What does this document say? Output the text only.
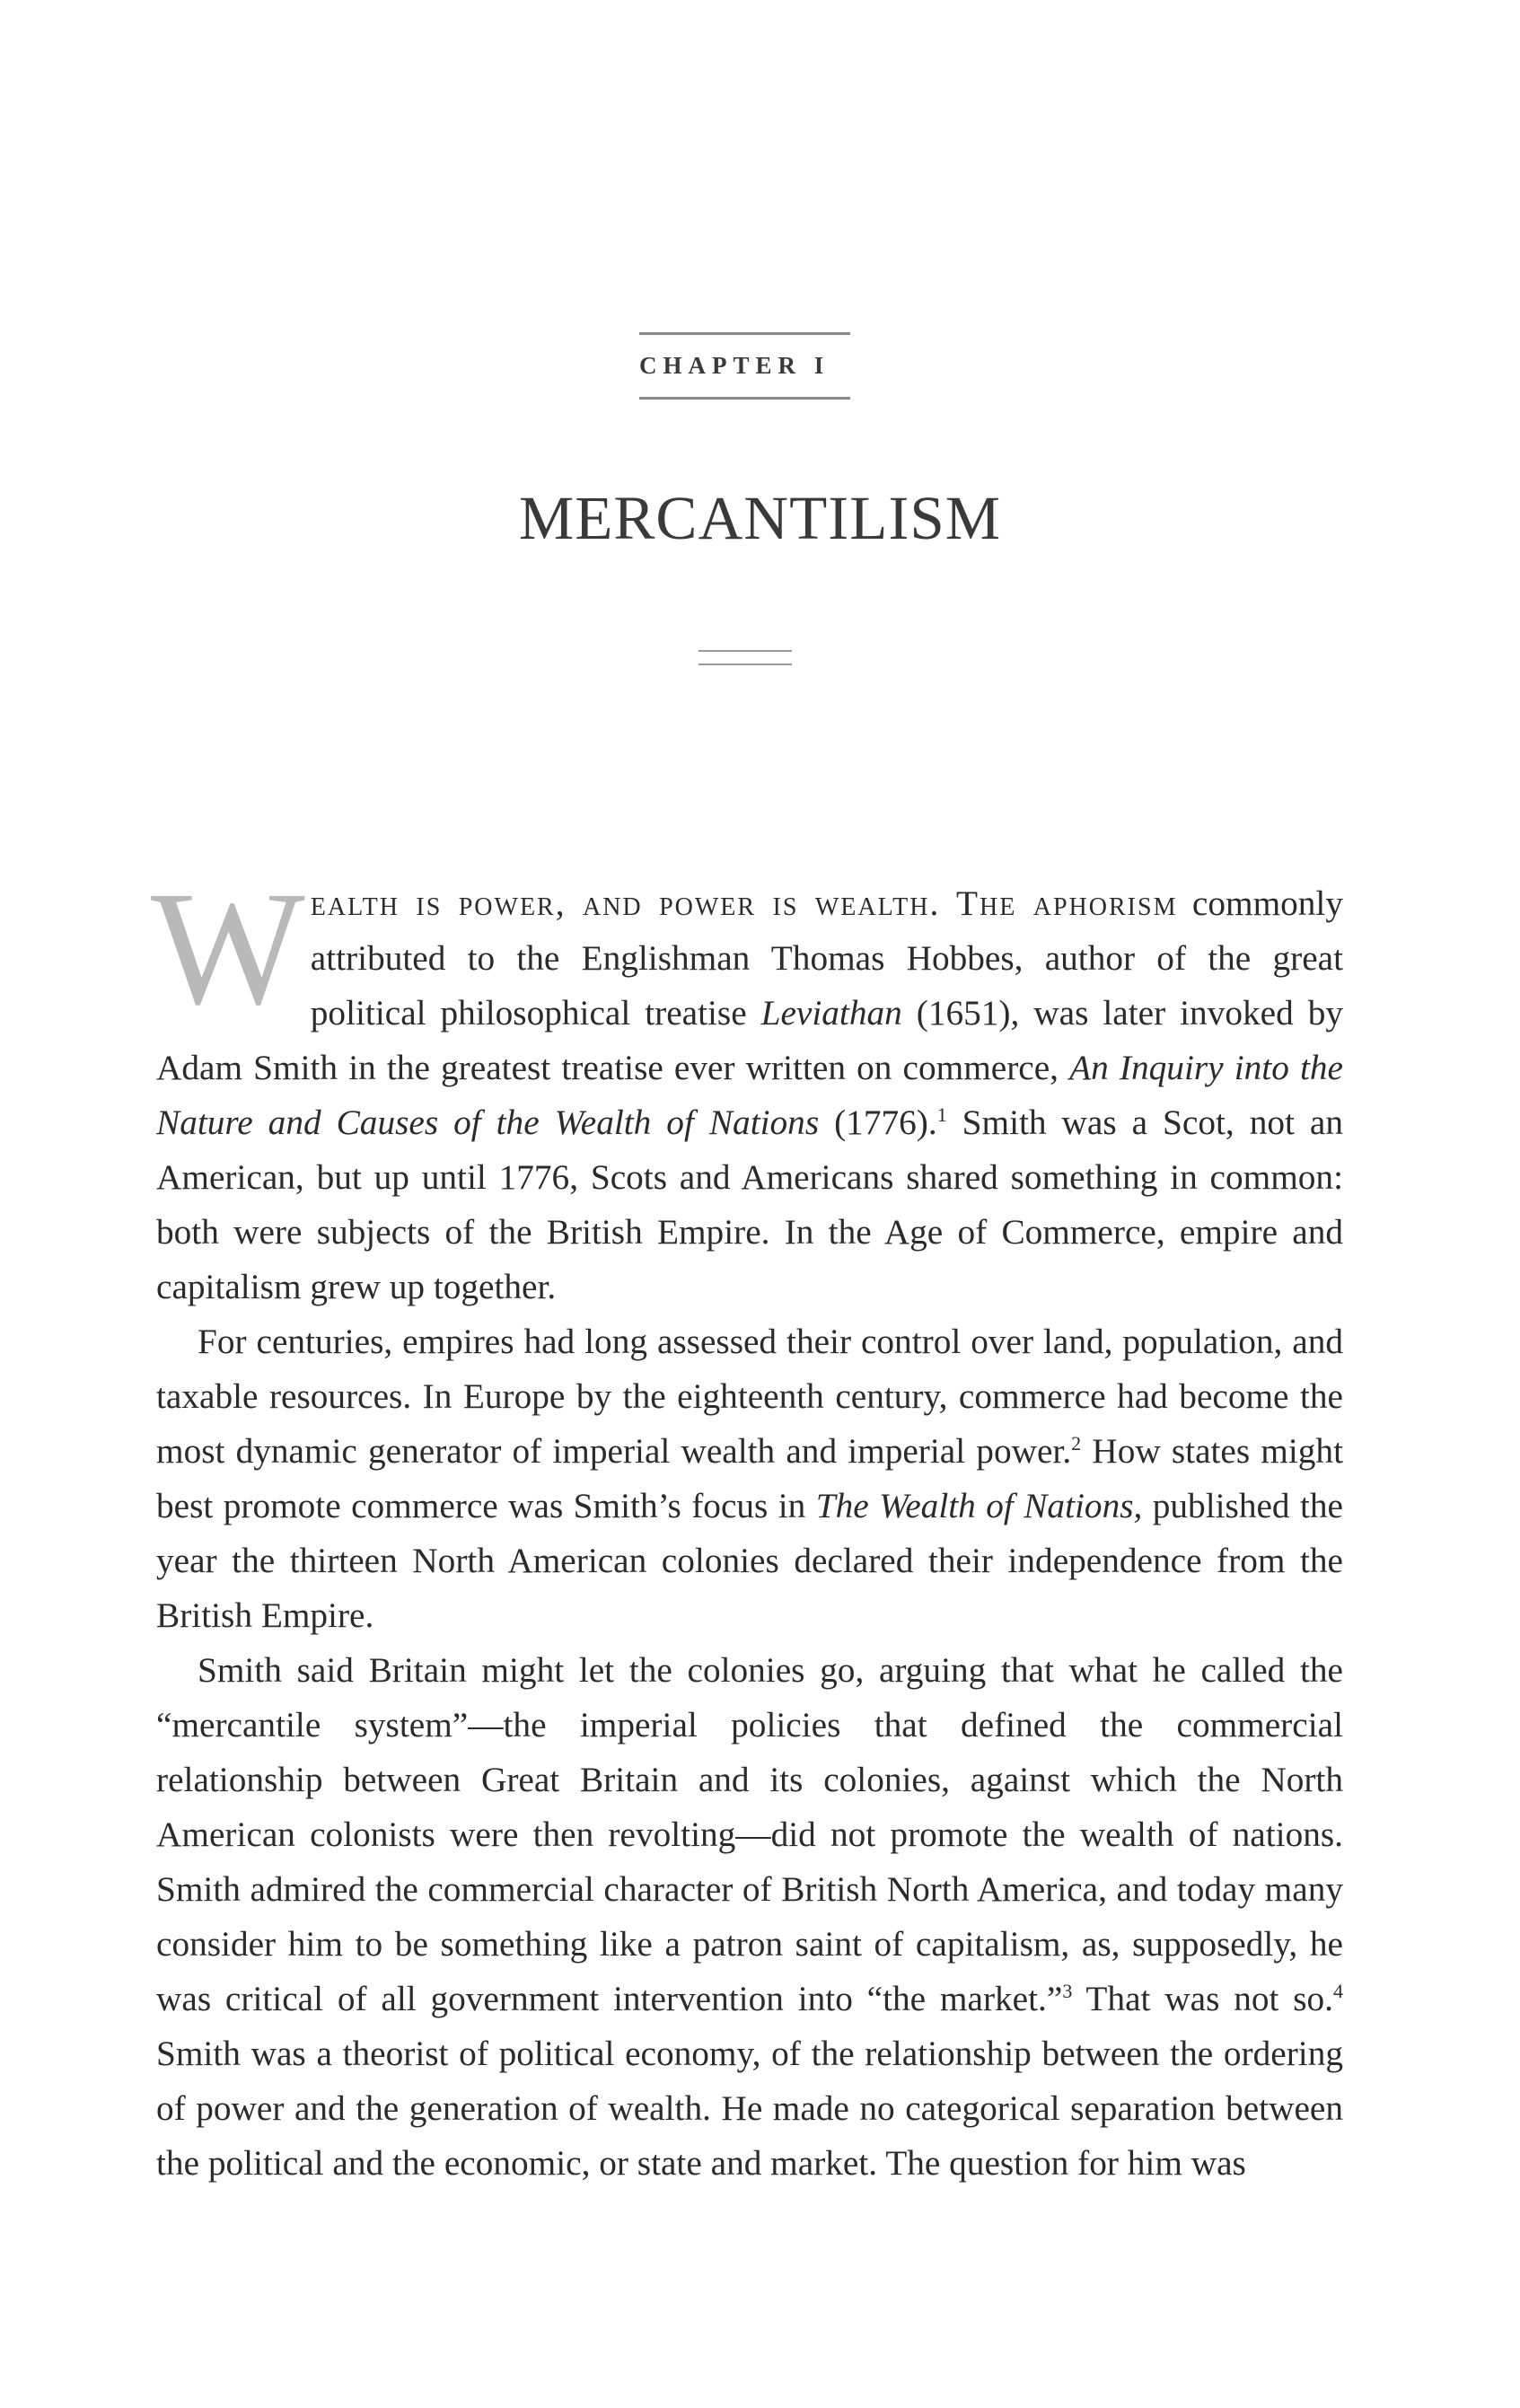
CHAPTER I
MERCANTILISM

Wealth is power, and power is wealth. The aphorism commonly attributed to the Englishman Thomas Hobbes, author of the great political philosophical treatise Leviathan (1651), was later invoked by Adam Smith in the greatest treatise ever written on commerce, An Inquiry into the Nature and Causes of the Wealth of Nations (1776).$^1$ Smith was a Scot, not an American, but up until 1776, Scots and Americans shared something in common: both were subjects of the British Empire. In the Age of Commerce, empire and capitalism grew up together.

For centuries, empires had long assessed their control over land, population, and taxable resources. In Europe by the eighteenth century, commerce had become the most dynamic generator of imperial wealth and imperial power.$^2$ How states might best promote commerce was Smith’s focus in The Wealth of Nations, published the year the thirteen North American colonies declared their independence from the British Empire.

Smith said Britain might let the colonies go, arguing that what he called the “mercantile system”—the imperial policies that defined the commercial relationship between Great Britain and its colonies, against which the North American colonists were then revolting—did not promote the wealth of nations. Smith admired the commercial character of British North America, and today many consider him to be something like a patron saint of capitalism, as, supposedly, he was critical of all government intervention into “the market.”$^3$ That was not so.$^4$ Smith was a theorist of political economy, of the relationship between the ordering of power and the generation of wealth. He made no categorical separation between the political and the economic, or state and market. The question for him was
